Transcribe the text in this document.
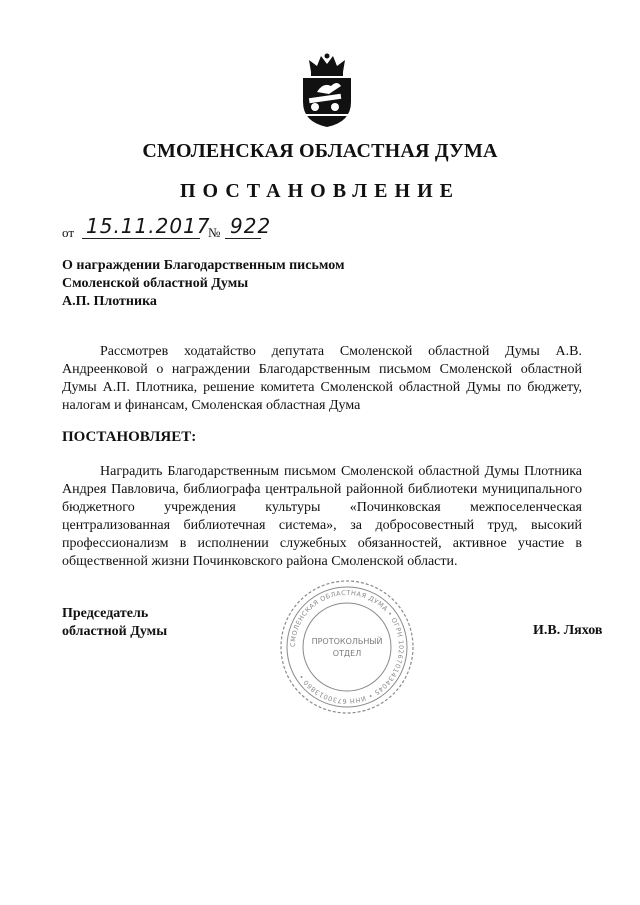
СМОЛЕНСКАЯ ОБЛАСТНАЯ ДУМА
ПОСТАНОВЛЕНИЕ
от 15.11.2017
№ 922
О награждении Благодарственным письмом
Смоленской областной Думы
А.П. Плотника
Рассмотрев ходатайство депутата Смоленской областной Думы А.В. Андреенковой о награждении Благодарственным письмом Смоленской областной Думы А.П. Плотника, решение комитета Смоленской областной Думы по бюджету, налогам и финансам, Смоленская областная Дума
ПОСТАНОВЛЯЕТ:
Наградить Благодарственным письмом Смоленской областной Думы Плотника Андрея Павловича, библиографа центральной районной библиотеки муниципального бюджетного учреждения культуры «Починковская межпоселенческая централизованная библиотечная система», за добросовестный труд, высокий профессионализм в исполнении служебных обязанностей, активное участие в общественной жизни Починковского района Смоленской области.
Председатель
областной Думы	И.В. Ляхов
СМОЛЕНСКАЯ ОБЛАСТНАЯ ДУМА • ОГРН 1026701434045 • ИНН 6730013860 •
ПРОТОКОЛЬНЫЙ
ОТДЕЛ
